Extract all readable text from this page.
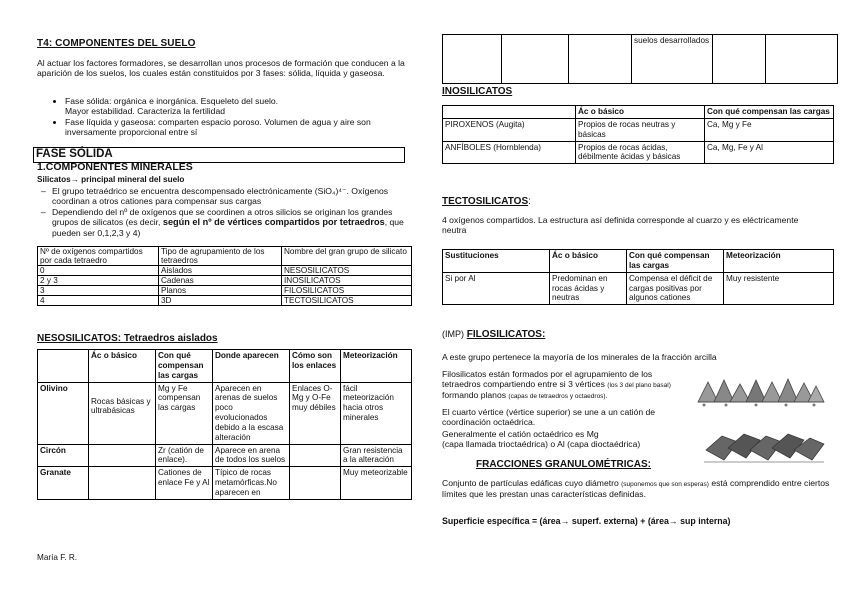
T4: COMPONENTES DEL SUELO
Al actuar los factores formadores, se desarrollan unos procesos de formación que conducen a la aparición de los suelos, los cuales están constituidos por 3 fases: sólida, líquida y gaseosa.
• Fase sólida: orgánica e inorgánica. Esqueleto del suelo.
Mayor estabilidad. Caracteriza la fertilidad
• Fase líquida y gaseosa: comparten espacio poroso. Volumen de agua y aire son inversamente proporcional entre sí
FASE SÓLIDA
1.COMPONENTES MINERALES
Silicatos→ principal mineral del suelo
– El grupo tetraédrico se encuentra descompensado electrónicamente (SiO₄)⁴⁻. Oxígenos coordinan a otros cationes para compensar sus cargas
– Dependiendo del nº de oxígenos que se coordinen a otros silicios se originan los grandes grupos de silicatos (es decir, según el nº de vértices compartidos por tetraedros, que pueden ser 0,1,2,3 y 4)
Nº de oxígenos compartidos por cada tetraedro	Tipo de agrupamiento de los tetraedros	Nombre del gran grupo de silicato
0	Aislados	NESOSILICATOS
2 y 3	Cadenas	INOSILICATOS
3	Planos	FILOSILICATOS
4	3D	TECTOSILICATOS
NESOSILICATOS: Tetraedros aislados
	Ác o básico	Con qué compensan las cargas	Donde aparecen	Cómo son los enlaces	Meteorización
Olivino	Rocas básicas y ultrabásicas	Mg y Fe compensan las cargas	Aparecen en arenas de suelos poco evolucionados debido a la escasa alteración	Enlaces O-Mg y O-Fe muy débiles	fácil meteorización hacia otros minerales
Circón		Zr (catión de enlace).	Aparece en arena de todos los suelos		Gran resistencia a la alteración
Granate		Cationes de enlace Fe y Al	Típico de rocas metamórficas.No aparecen en		Muy meteorizable
María F. R.
			suelos desarrollados		
INOSILICATOS
	Ác o básico	Con qué compensan las cargas
PIROXENOS (Augita)	Propios de rocas neutras y básicas	Ca, Mg y Fe
ANFÍBOLES (Hornblenda)	Propios de rocas ácidas, débilmente ácidas y básicas	Ca, Mg, Fe y Al
TECTOSILICATOS:
4 oxígenos compartidos. La estructura así definida corresponde al cuarzo y es eléctricamente neutra
Sustituciones	Ác o básico	Con qué compensan las cargas	Meteorización
Si por Al	Predominan en rocas ácidas y neutras	Compensa el déficit de cargas positivas por algunos cationes	Muy resistente
(IMP) FILOSILICATOS:
A este grupo pertenece la mayoría de los minerales de la fracción arcilla
Filosilicatos están formados por el agrupamiento de los tetraedros compartiendo entre si 3 vértices (los 3 del plano basal) formando planos (capas de tetraedros y octaedros).
El cuarto vértice (vértice superior) se une a un catión de coordinación octaédrica.
Generalmente el catión octaédrico es Mg
(capa llamada trioctaédrica) o Al (capa dioctaédrica)
FRACCIONES GRANULOMÉTRICAS:
Conjunto de partículas edáficas cuyo diámetro (suponemos que son esperas) está comprendido entre ciertos límites que les prestan unas características definidas.
Superficie específica = (área→ superf. externa) + (área→ sup interna)
